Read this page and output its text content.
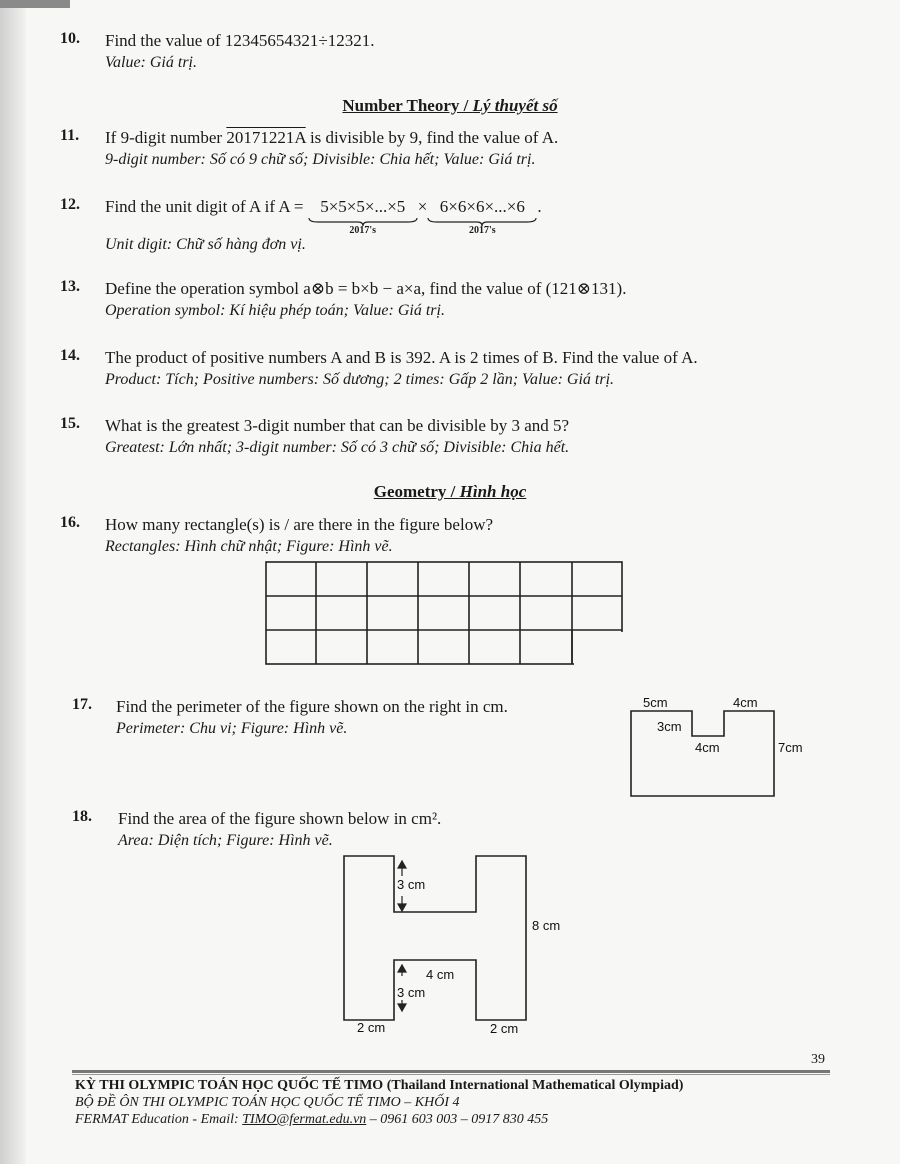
10.	Find the value of 12345654321÷12321.
Value: Giá trị.
Number Theory / Lý thuyết số
11.	If 9-digit number 20171221A is divisible by 9, find the value of A.
9-digit number: Số có 9 chữ số; Divisible: Chia hết; Value: Giá trị.
12.	Find the unit digit of A if A = 5×5×5×...×5
2017's
× 6×6×6×...×6
2017's
.
Unit digit: Chữ số hàng đơn vị.
13.	Define the operation symbol a⊗b = b×b − a×a, find the value of (121⊗131).
Operation symbol: Kí hiệu phép toán; Value: Giá trị.
14.	The product of positive numbers A and B is 392. A is 2 times of B. Find the value of A.
Product: Tích; Positive numbers: Số dương; 2 times: Gấp 2 lần; Value: Giá trị.
15.	What is the greatest 3-digit number that can be divisible by 3 and 5?
Greatest: Lớn nhất; 3-digit number: Số có 3 chữ số; Divisible: Chia hết.
Geometry / Hình học
16.	How many rectangle(s) is / are there in the figure below?
Rectangles: Hình chữ nhật; Figure: Hình vẽ.
17.	Find the perimeter of the figure shown on the right in cm.
Perimeter: Chu vi; Figure: Hình vẽ.
5cm	4cm
3cm
4cm	7cm
18.	Find the area of the figure shown below in cm².
Area: Diện tích; Figure: Hình vẽ.
3 cm
8 cm
4 cm
3 cm
2 cm	2 cm
39
KỲ THI OLYMPIC TOÁN HỌC QUỐC TẾ TIMO (Thailand International Mathematical Olympiad)
BỘ ĐỀ ÔN THI OLYMPIC TOÁN HỌC QUỐC TẾ TIMO – KHỐI 4
FERMAT Education - Email: TIMO@fermat.edu.vn – 0961 603 003 – 0917 830 455
